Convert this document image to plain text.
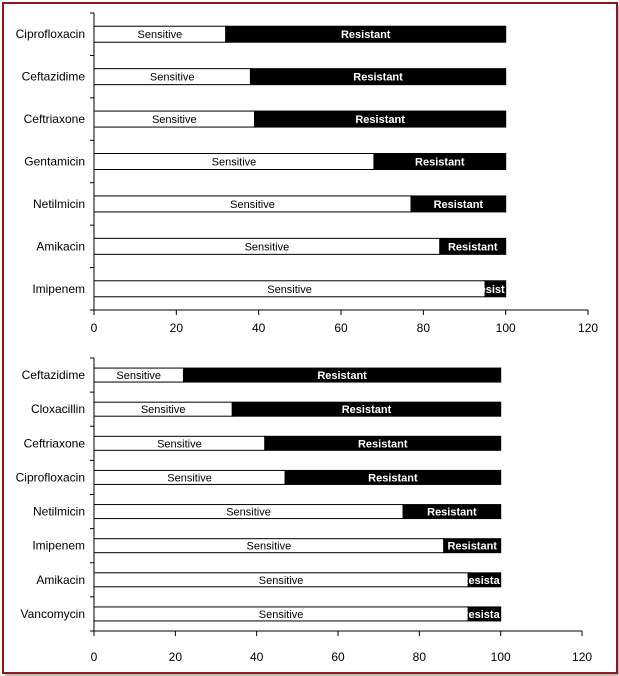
0	20	40	60	80	100	120
Ciprofloxacin	Sensitive	Resistant
Ceftazidime	Sensitive	Resistant
Ceftriaxone	Sensitive	Resistant
Gentamicin	Sensitive	Resistant
Netilmicin	Sensitive	Resistant
Amikacin	Sensitive	Resistant
Imipenem	Sensitive	esist
0	20	40	60	80	100	120
Ceftazidime	Sensitive	Resistant
Cloxacillin	Sensitive	Resistant
Ceftriaxone	Sensitive	Resistant
Ciprofloxacin	Sensitive	Resistant
Netilmicin	Sensitive	Resistant
Imipenem	Sensitive	Resistant
Amikacin	Sensitive	Resista
Vancomycin	Sensitive	Resista
